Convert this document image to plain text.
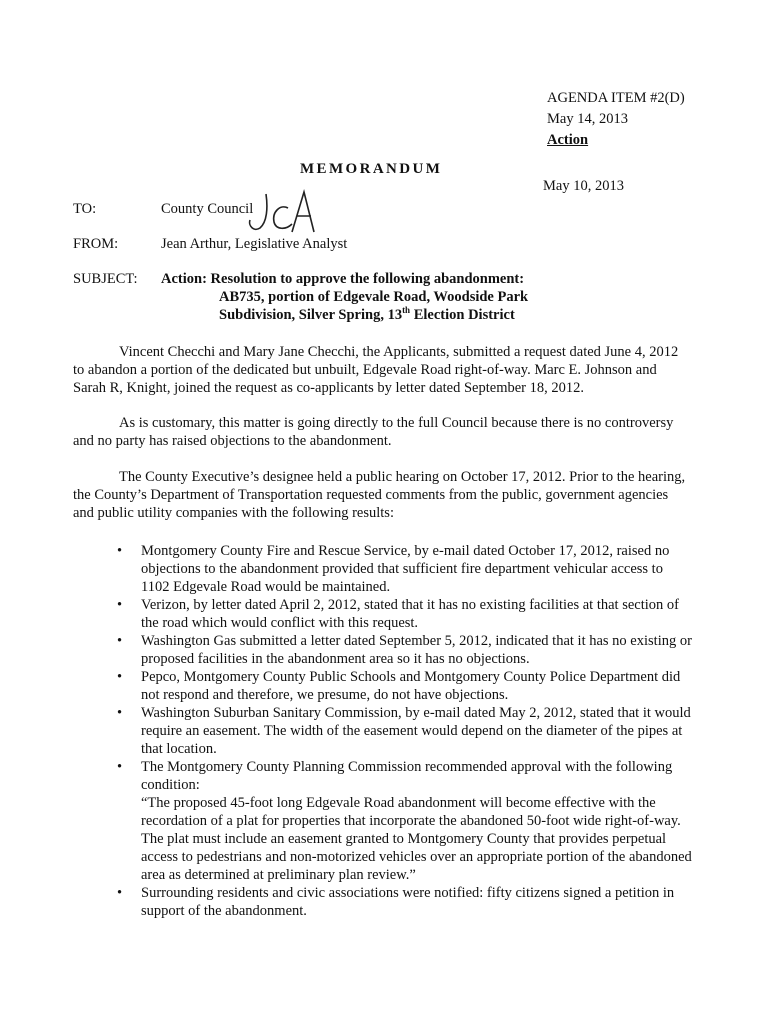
AGENDA ITEM #2(D)
May 14, 2013
Action
MEMORANDUM
May 10, 2013
TO:	County Council
FROM:	Jean Arthur, Legislative Analyst
SUBJECT: Action: Resolution to approve the following abandonment:
AB735, portion of Edgevale Road, Woodside Park
Subdivision, Silver Spring, 13th Election District

Vincent Checchi and Mary Jane Checchi, the Applicants, submitted a request dated June 4, 2012 to abandon a portion of the dedicated but unbuilt, Edgevale Road right-of-way. Marc E. Johnson and Sarah R, Knight, joined the request as co-applicants by letter dated September 18, 2012.

As is customary, this matter is going directly to the full Council because there is no controversy and no party has raised objections to the abandonment.

The County Executive’s designee held a public hearing on October 17, 2012. Prior to the hearing, the County’s Department of Transportation requested comments from the public, government agencies and public utility companies with the following results:

• Montgomery County Fire and Rescue Service, by e-mail dated October 17, 2012, raised no objections to the abandonment provided that sufficient fire department vehicular access to 1102 Edgevale Road would be maintained.
• Verizon, by letter dated April 2, 2012, stated that it has no existing facilities at that section of the road which would conflict with this request.
• Washington Gas submitted a letter dated September 5, 2012, indicated that it has no existing or proposed facilities in the abandonment area so it has no objections.
• Pepco, Montgomery County Public Schools and Montgomery County Police Department did not respond and therefore, we presume, do not have objections.
• Washington Suburban Sanitary Commission, by e-mail dated May 2, 2012, stated that it would require an easement. The width of the easement would depend on the diameter of the pipes at that location.
• The Montgomery County Planning Commission recommended approval with the following condition:
“The proposed 45-foot long Edgevale Road abandonment will become effective with the recordation of a plat for properties that incorporate the abandoned 50-foot wide right-of-way. The plat must include an easement granted to Montgomery County that provides perpetual access to pedestrians and non-motorized vehicles over an appropriate portion of the abandoned area as determined at preliminary plan review.”
• Surrounding residents and civic associations were notified: fifty citizens signed a petition in support of the abandonment.
